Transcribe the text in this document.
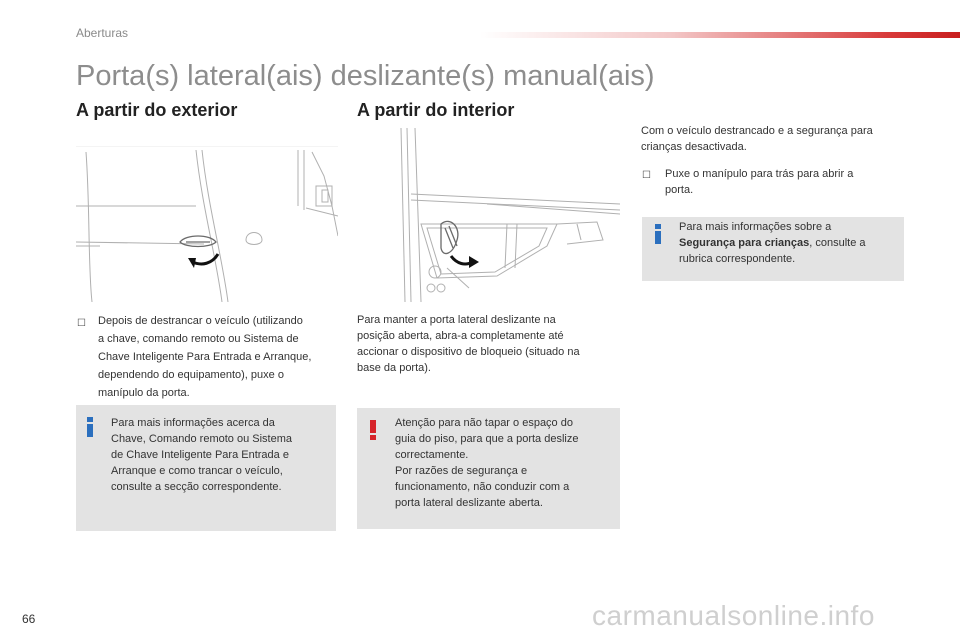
Aberturas
Porta(s) lateral(ais) deslizante(s) manual(ais)
A partir do exterior
☐ Depois de destrancar o veículo (utilizando
a chave, comando remoto ou Sistema de
Chave Inteligente Para Entrada e Arranque,
dependendo do equipamento), puxe o
manípulo da porta.
Para mais informações acerca da
Chave, Comando remoto ou Sistema
de Chave Inteligente Para Entrada e
Arranque e como trancar o veículo,
consulte a secção correspondente.
A partir do interior
Para manter a porta lateral deslizante na
posição aberta, abra-a completamente até
accionar o dispositivo de bloqueio (situado na
base da porta).
Atenção para não tapar o espaço do
guia do piso, para que a porta deslize
correctamente.
Por razões de segurança e
funcionamento, não conduzir com a
porta lateral deslizante aberta.
Com o veículo destrancado e a segurança para
crianças desactivada.
☐ Puxe o manípulo para trás para abrir a
porta.
Para mais informações sobre a
Segurança para crianças, consulte a
rubrica correspondente.
66	carmanualsonline.info
